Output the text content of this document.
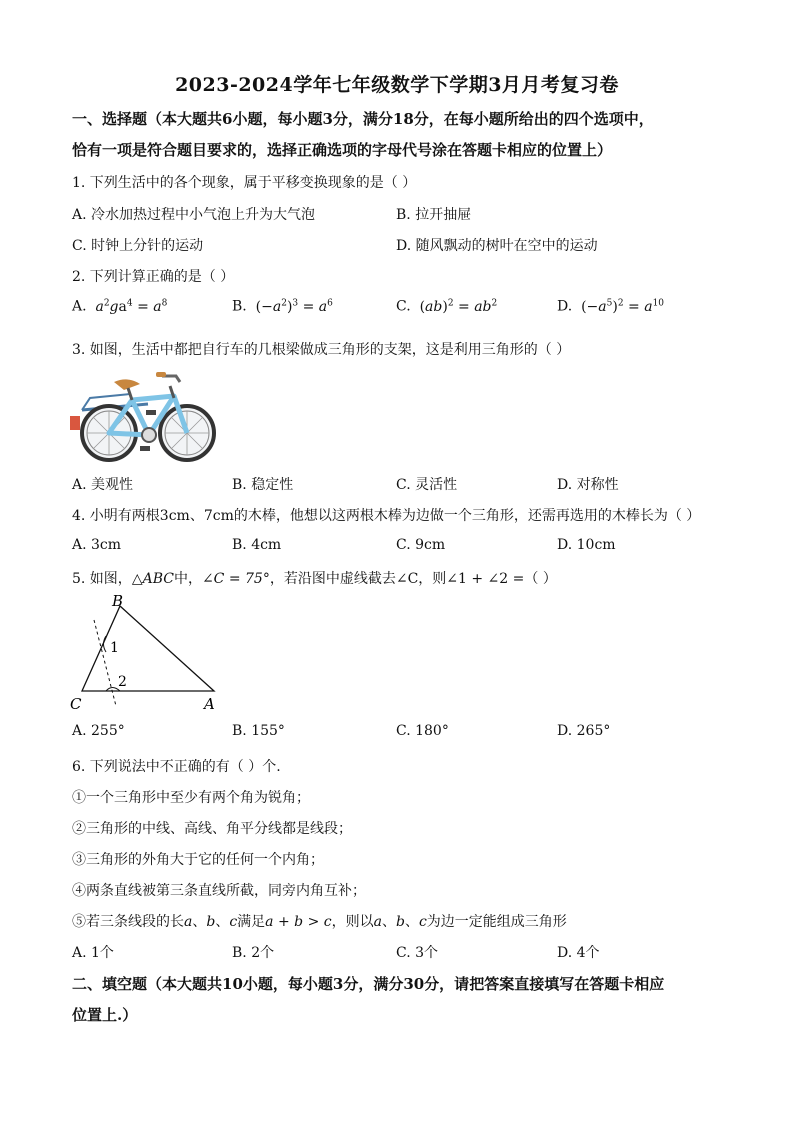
2023-2024学年七年级数学下学期3月月考复习卷
一、选择题（本大题共6小题，每小题3分，满分18分，在每小题所给出的四个选项中，
恰有一项是符合题目要求的，选择正确选项的字母代号涂在答题卡相应的位置上）
1. 下列生活中的各个现象，属于平移变换现象的是（ ）
A. 冷水加热过程中小气泡上升为大气泡	B. 拉开抽屉
C. 时钟上分针的运动	D. 随风飘动的树叶在空中的运动
2. 下列计算正确的是（ ）
A.  $a^2ga^4 = a^8$	B. $(-a^2)^3 = a^6$	C. $(ab)^2 = ab^2$	D. $(-a^5)^2 = a^{10}$
3. 如图，生活中都把自行车的几根梁做成三角形的支架，这是利用三角形的（ ）
A. 美观性	B. 稳定性	C. 灵活性	D. 对称性
4. 小明有两根3cm、7cm的木棒，他想以这两根木棒为边做一个三角形，还需再选用的木棒长为（ ）
A. 3cm	B. 4cm	C. 9cm	D. 10cm
5. 如图，△ABC中，∠C = 75°，若沿图中虚线截去∠C，则∠1 + ∠2 =（ ）
B
C	A
1
2
A. 255°	B. 155°	C. 180°	D. 265°
6. 下列说法中不正确的有（ ）个.
①一个三角形中至少有两个角为锐角；
②三角形的中线、高线、角平分线都是线段；
③三角形的外角大于它的任何一个内角；
④两条直线被第三条直线所截，同旁内角互补；
⑤若三条线段的长a、b、c满足a + b > c，则以a、b、c为边一定能组成三角形
A. 1个	B. 2个	C. 3个	D. 4个
二、填空题（本大题共10小题，每小题3分，满分30分，请把答案直接填写在答题卡相应
位置上.）
